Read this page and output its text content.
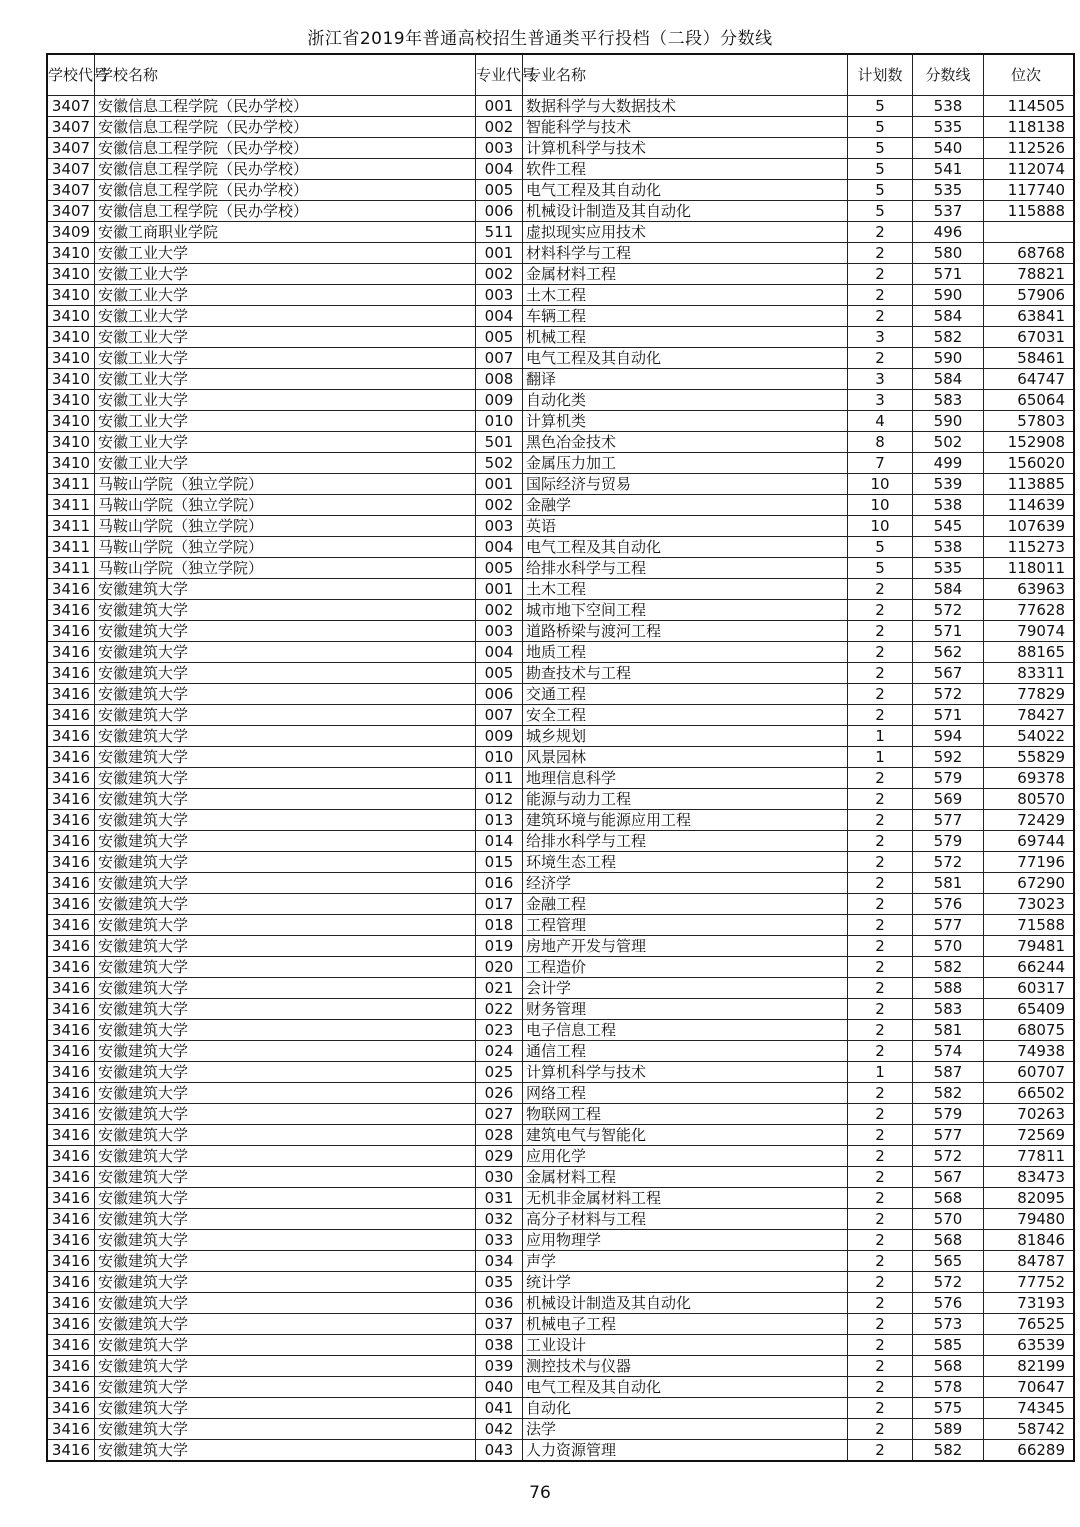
浙江省2019年普通高校招生普通类平行投档（二段）分数线
学校代号	学校名称	专业代号	专业名称	计划数	分数线	位次
3407	安徽信息工程学院（民办学校）	001	数据科学与大数据技术	5	538	114505
3407	安徽信息工程学院（民办学校）	002	智能科学与技术	5	535	118138
3407	安徽信息工程学院（民办学校）	003	计算机科学与技术	5	540	112526
3407	安徽信息工程学院（民办学校）	004	软件工程	5	541	112074
3407	安徽信息工程学院（民办学校）	005	电气工程及其自动化	5	535	117740
3407	安徽信息工程学院（民办学校）	006	机械设计制造及其自动化	5	537	115888
3409	安徽工商职业学院	511	虚拟现实应用技术	2	496	
3410	安徽工业大学	001	材料科学与工程	2	580	68768
3410	安徽工业大学	002	金属材料工程	2	571	78821
3410	安徽工业大学	003	土木工程	2	590	57906
3410	安徽工业大学	004	车辆工程	2	584	63841
3410	安徽工业大学	005	机械工程	3	582	67031
3410	安徽工业大学	007	电气工程及其自动化	2	590	58461
3410	安徽工业大学	008	翻译	3	584	64747
3410	安徽工业大学	009	自动化类	3	583	65064
3410	安徽工业大学	010	计算机类	4	590	57803
3410	安徽工业大学	501	黑色冶金技术	8	502	152908
3410	安徽工业大学	502	金属压力加工	7	499	156020
3411	马鞍山学院（独立学院）	001	国际经济与贸易	10	539	113885
3411	马鞍山学院（独立学院）	002	金融学	10	538	114639
3411	马鞍山学院（独立学院）	003	英语	10	545	107639
3411	马鞍山学院（独立学院）	004	电气工程及其自动化	5	538	115273
3411	马鞍山学院（独立学院）	005	给排水科学与工程	5	535	118011
3416	安徽建筑大学	001	土木工程	2	584	63963
3416	安徽建筑大学	002	城市地下空间工程	2	572	77628
3416	安徽建筑大学	003	道路桥梁与渡河工程	2	571	79074
3416	安徽建筑大学	004	地质工程	2	562	88165
3416	安徽建筑大学	005	勘查技术与工程	2	567	83311
3416	安徽建筑大学	006	交通工程	2	572	77829
3416	安徽建筑大学	007	安全工程	2	571	78427
3416	安徽建筑大学	009	城乡规划	1	594	54022
3416	安徽建筑大学	010	风景园林	1	592	55829
3416	安徽建筑大学	011	地理信息科学	2	579	69378
3416	安徽建筑大学	012	能源与动力工程	2	569	80570
3416	安徽建筑大学	013	建筑环境与能源应用工程	2	577	72429
3416	安徽建筑大学	014	给排水科学与工程	2	579	69744
3416	安徽建筑大学	015	环境生态工程	2	572	77196
3416	安徽建筑大学	016	经济学	2	581	67290
3416	安徽建筑大学	017	金融工程	2	576	73023
3416	安徽建筑大学	018	工程管理	2	577	71588
3416	安徽建筑大学	019	房地产开发与管理	2	570	79481
3416	安徽建筑大学	020	工程造价	2	582	66244
3416	安徽建筑大学	021	会计学	2	588	60317
3416	安徽建筑大学	022	财务管理	2	583	65409
3416	安徽建筑大学	023	电子信息工程	2	581	68075
3416	安徽建筑大学	024	通信工程	2	574	74938
3416	安徽建筑大学	025	计算机科学与技术	1	587	60707
3416	安徽建筑大学	026	网络工程	2	582	66502
3416	安徽建筑大学	027	物联网工程	2	579	70263
3416	安徽建筑大学	028	建筑电气与智能化	2	577	72569
3416	安徽建筑大学	029	应用化学	2	572	77811
3416	安徽建筑大学	030	金属材料工程	2	567	83473
3416	安徽建筑大学	031	无机非金属材料工程	2	568	82095
3416	安徽建筑大学	032	高分子材料与工程	2	570	79480
3416	安徽建筑大学	033	应用物理学	2	568	81846
3416	安徽建筑大学	034	声学	2	565	84787
3416	安徽建筑大学	035	统计学	2	572	77752
3416	安徽建筑大学	036	机械设计制造及其自动化	2	576	73193
3416	安徽建筑大学	037	机械电子工程	2	573	76525
3416	安徽建筑大学	038	工业设计	2	585	63539
3416	安徽建筑大学	039	测控技术与仪器	2	568	82199
3416	安徽建筑大学	040	电气工程及其自动化	2	578	70647
3416	安徽建筑大学	041	自动化	2	575	74345
3416	安徽建筑大学	042	法学	2	589	58742
3416	安徽建筑大学	043	人力资源管理	2	582	66289
76
